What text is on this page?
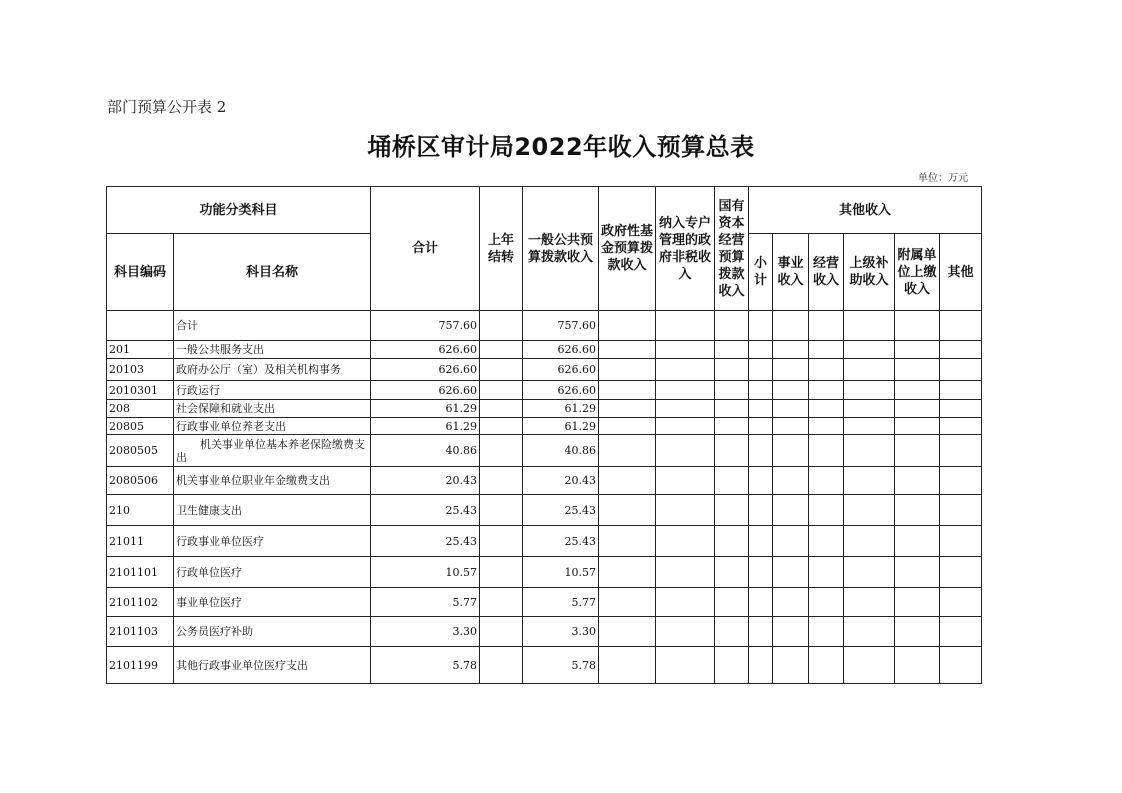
部门预算公开表 2
埇桥区审计局2022年收入预算总表
单位：万元
功能分类科目		合计	上年结转	一般公共预算拨款收入	政府性基金预算拨款收入	纳入专户管理的政府非税收入	国有资本经营预算拨款收入	其他收入					
科目编码	科目名称							小计	事业收入	经营收入	上级补助收入	附属单位上缴收入	其他
	合计	757.60		757.60									
201	一般公共服务支出	626.60		626.60									
20103	政府办公厅（室）及相关机构事务	626.60		626.60									
2010301	行政运行	626.60		626.60									
208	社会保障和就业支出	61.29		61.29									
20805	行政事业单位养老支出	61.29		61.29									
2080505	机关事业单位基本养老保险缴费支出	40.86		40.86									
2080506	机关事业单位职业年金缴费支出	20.43		20.43									
210	卫生健康支出	25.43		25.43									
21011	行政事业单位医疗	25.43		25.43									
2101101	行政单位医疗	10.57		10.57									
2101102	事业单位医疗	5.77		5.77									
2101103	公务员医疗补助	3.30		3.30									
2101199	其他行政事业单位医疗支出	5.78		5.78									
